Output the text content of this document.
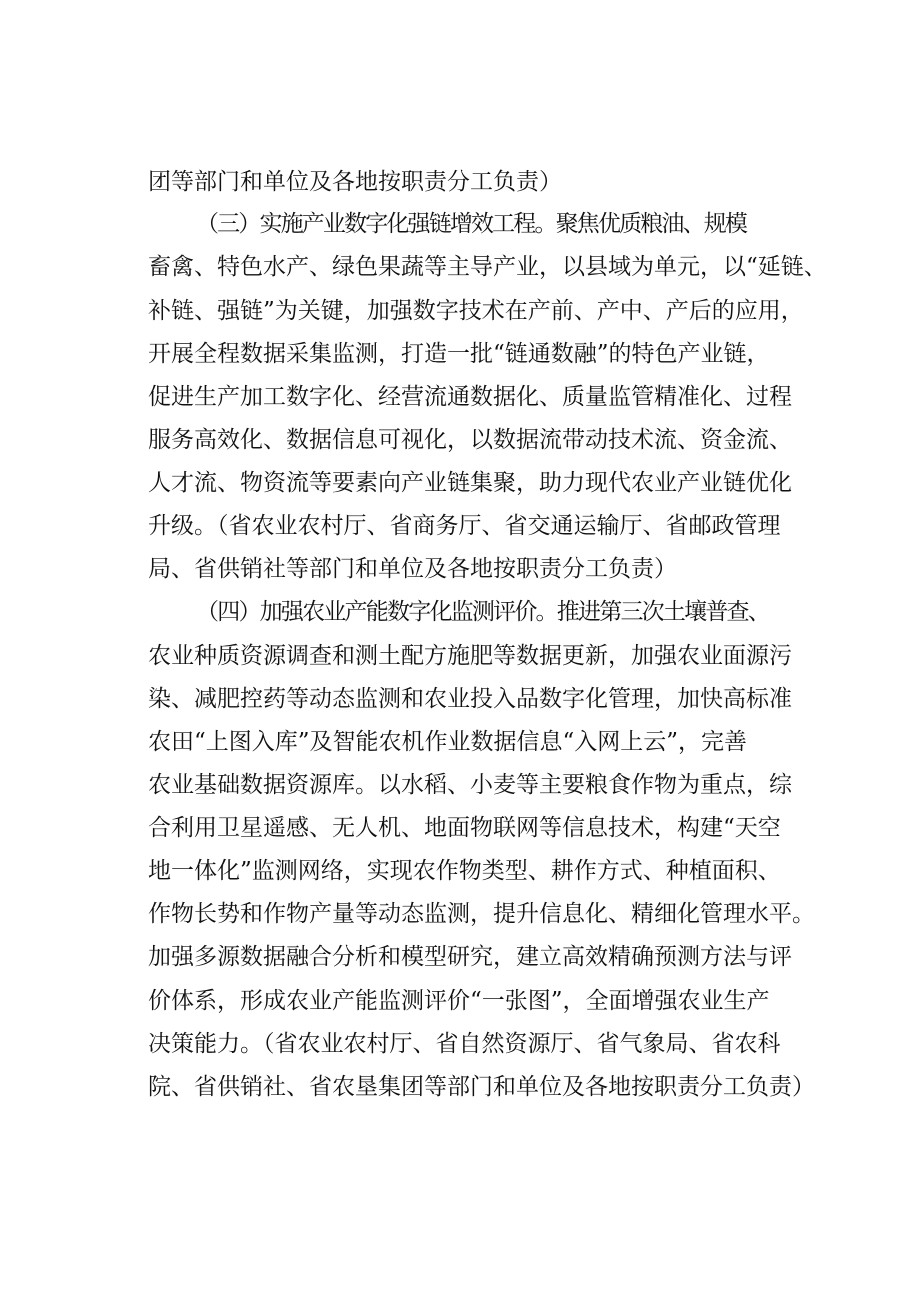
团等部门和单位及各地按职责分工负责）
（三）实施产业数字化强链增效工程。聚焦优质粮油、规模
畜禽、特色水产、绿色果蔬等主导产业，以县域为单元，以“延链、
补链、强链”为关键，加强数字技术在产前、产中、产后的应用，
开展全程数据采集监测，打造一批“链通数融”的特色产业链，
促进生产加工数字化、经营流通数据化、质量监管精准化、过程
服务高效化、数据信息可视化，以数据流带动技术流、资金流、
人才流、物资流等要素向产业链集聚，助力现代农业产业链优化
升级。（省农业农村厅、省商务厅、省交通运输厅、省邮政管理
局、省供销社等部门和单位及各地按职责分工负责）
（四）加强农业产能数字化监测评价。推进第三次土壤普查、
农业种质资源调查和测土配方施肥等数据更新，加强农业面源污
染、减肥控药等动态监测和农业投入品数字化管理，加快高标准
农田“上图入库”及智能农机作业数据信息“入网上云”，完善
农业基础数据资源库。以水稻、小麦等主要粮食作物为重点，综
合利用卫星遥感、无人机、地面物联网等信息技术，构建“天空
地一体化”监测网络，实现农作物类型、耕作方式、种植面积、
作物长势和作物产量等动态监测，提升信息化、精细化管理水平。
加强多源数据融合分析和模型研究，建立高效精确预测方法与评
价体系，形成农业产能监测评价“一张图”，全面增强农业生产
决策能力。（省农业农村厅、省自然资源厅、省气象局、省农科
院、省供销社、省农垦集团等部门和单位及各地按职责分工负责）
